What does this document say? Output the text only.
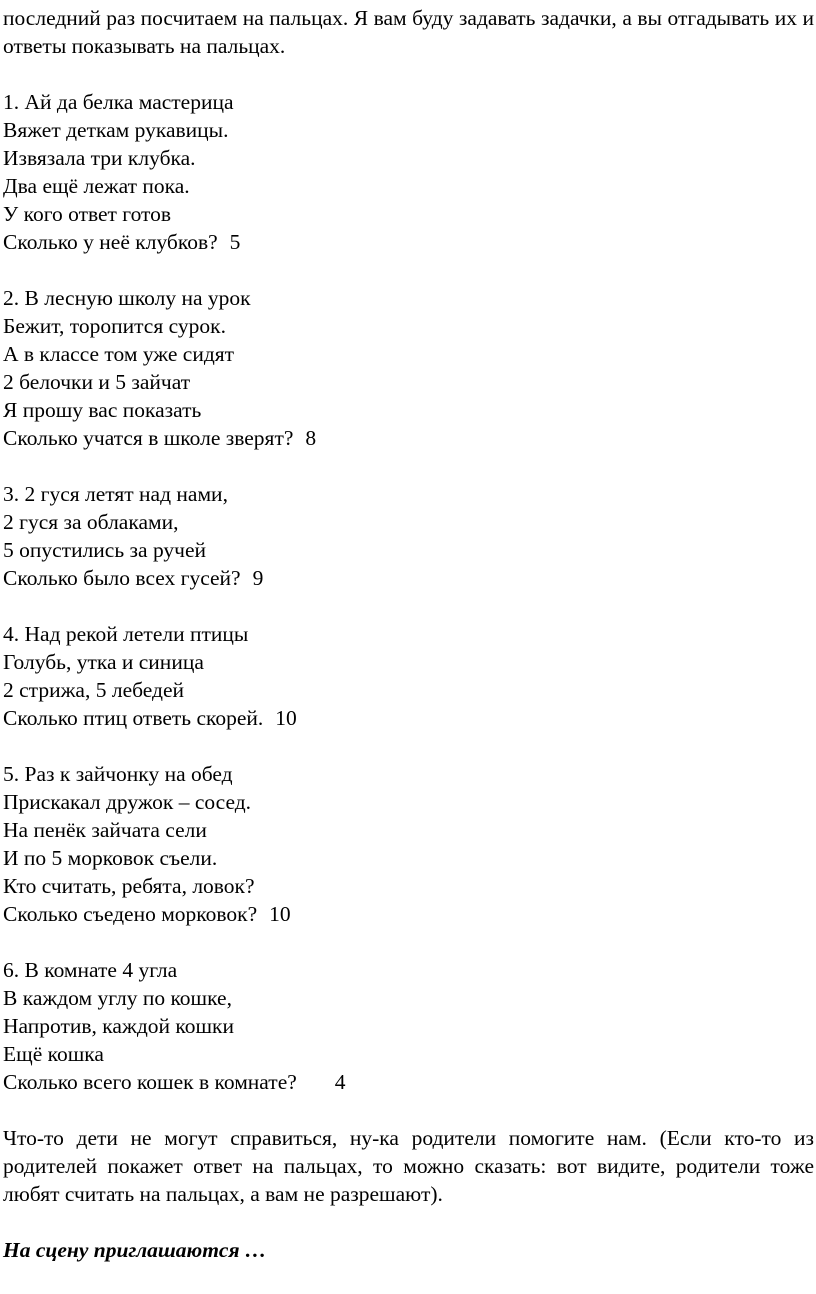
последний раз посчитаем на пальцах. Я вам буду задавать задачки, а вы отгадывать их и ответы показывать на пальцах.

1. Ай да белка мастерица
Вяжет деткам рукавицы.
Извязала три клубка.
Два ещё лежат пока.
У кого ответ готов
Сколько у неё клубков? 5
2. В лесную школу на урок
Бежит, торопится сурок.
А в классе том уже сидят
2 белочки и 5 зайчат
Я прошу вас показать
Сколько учатся в школе зверят? 8
3. 2 гуся летят над нами,
2 гуся за облаками,
5 опустились за ручей
Сколько было всех гусей? 9
4. Над рекой летели птицы
Голубь, утка и синица
2 стрижа, 5 лебедей
Сколько птиц ответь скорей. 10
5. Раз к зайчонку на обед
Прискакал дружок – сосед.
На пенёк зайчата сели
И по 5 морковок съели.
Кто считать, ребята, ловок?
Сколько съедено морковок? 10
6. В комнате 4 угла
В каждом углу по кошке,
Напротив, каждой кошки
Ещё кошка
Сколько всего кошек в комнате? 4

Что-то дети не могут справиться, ну-ка родители помогите нам. (Если кто-то из родителей покажет ответ на пальцах, то можно сказать: вот видите, родители тоже любят считать на пальцах, а вам не разрешают).

На сцену приглашаются …
